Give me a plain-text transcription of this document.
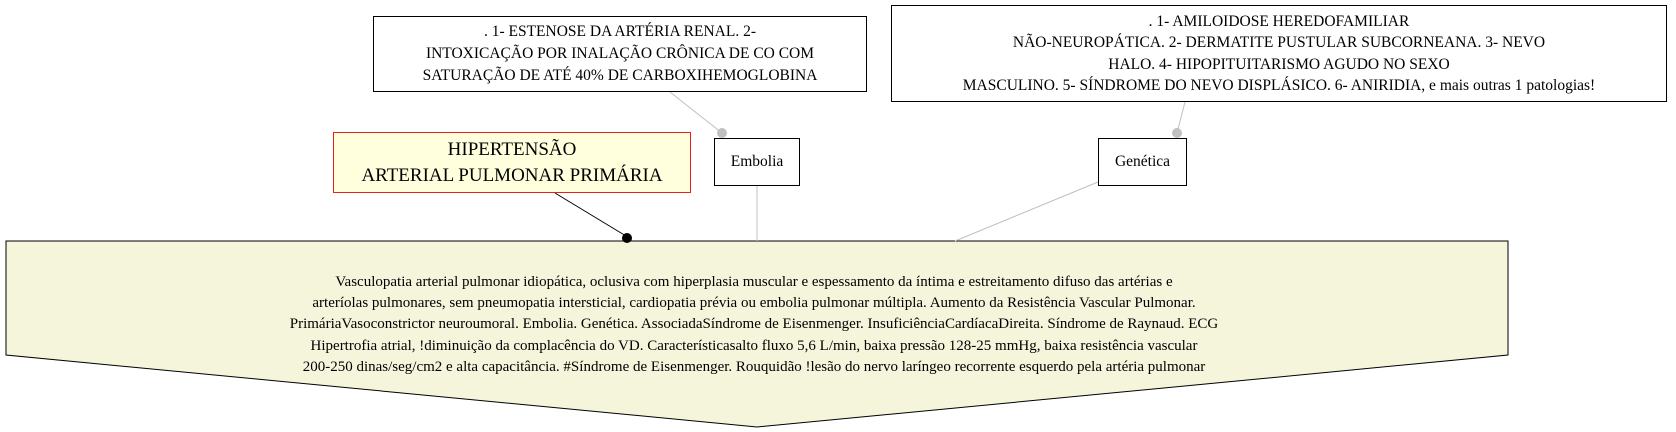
. 1- ESTENOSE DA ARTÉRIA RENAL. 2-
INTOXICAÇÃO POR INALAÇÃO CRÔNICA DE CO COM
SATURAÇÃO DE ATÉ 40% DE CARBOXIHEMOGLOBINA
. 1- AMILOIDOSE HEREDOFAMILIAR
NÃO-NEUROPÁTICA. 2- DERMATITE PUSTULAR SUBCORNEANA. 3- NEVO
HALO. 4- HIPOPITUITARISMO AGUDO NO SEXO
MASCULINO. 5- SÍNDROME DO NEVO DISPLÁSICO. 6- ANIRIDIA, e mais outras 1 patologias!
HIPERTENSÃO
ARTERIAL PULMONAR PRIMÁRIA
Embolia	Genética
Vasculopatia arterial pulmonar idiopática, oclusiva com hiperplasia muscular e espessamento da íntima e estreitamento difuso das artérias e
arteríolas pulmonares, sem pneumopatia intersticial, cardiopatia prévia ou embolia pulmonar múltipla. Aumento da Resistência Vascular Pulmonar.
PrimáriaVasoconstrictor neuroumoral. Embolia. Genética. AssociadaSíndrome de Eisenmenger. InsuficiênciaCardíacaDireita. Síndrome de Raynaud. ECG
Hipertrofia atrial, !diminuição da complacência do VD. Característicasalto fluxo 5,6 L/min, baixa pressão 128-25 mmHg, baixa resistência vascular
200-250 dinas/seg/cm2 e alta capacitância. #Síndrome de Eisenmenger. Rouquidão !lesão do nervo laríngeo recorrente esquerdo pela artéria pulmonar
